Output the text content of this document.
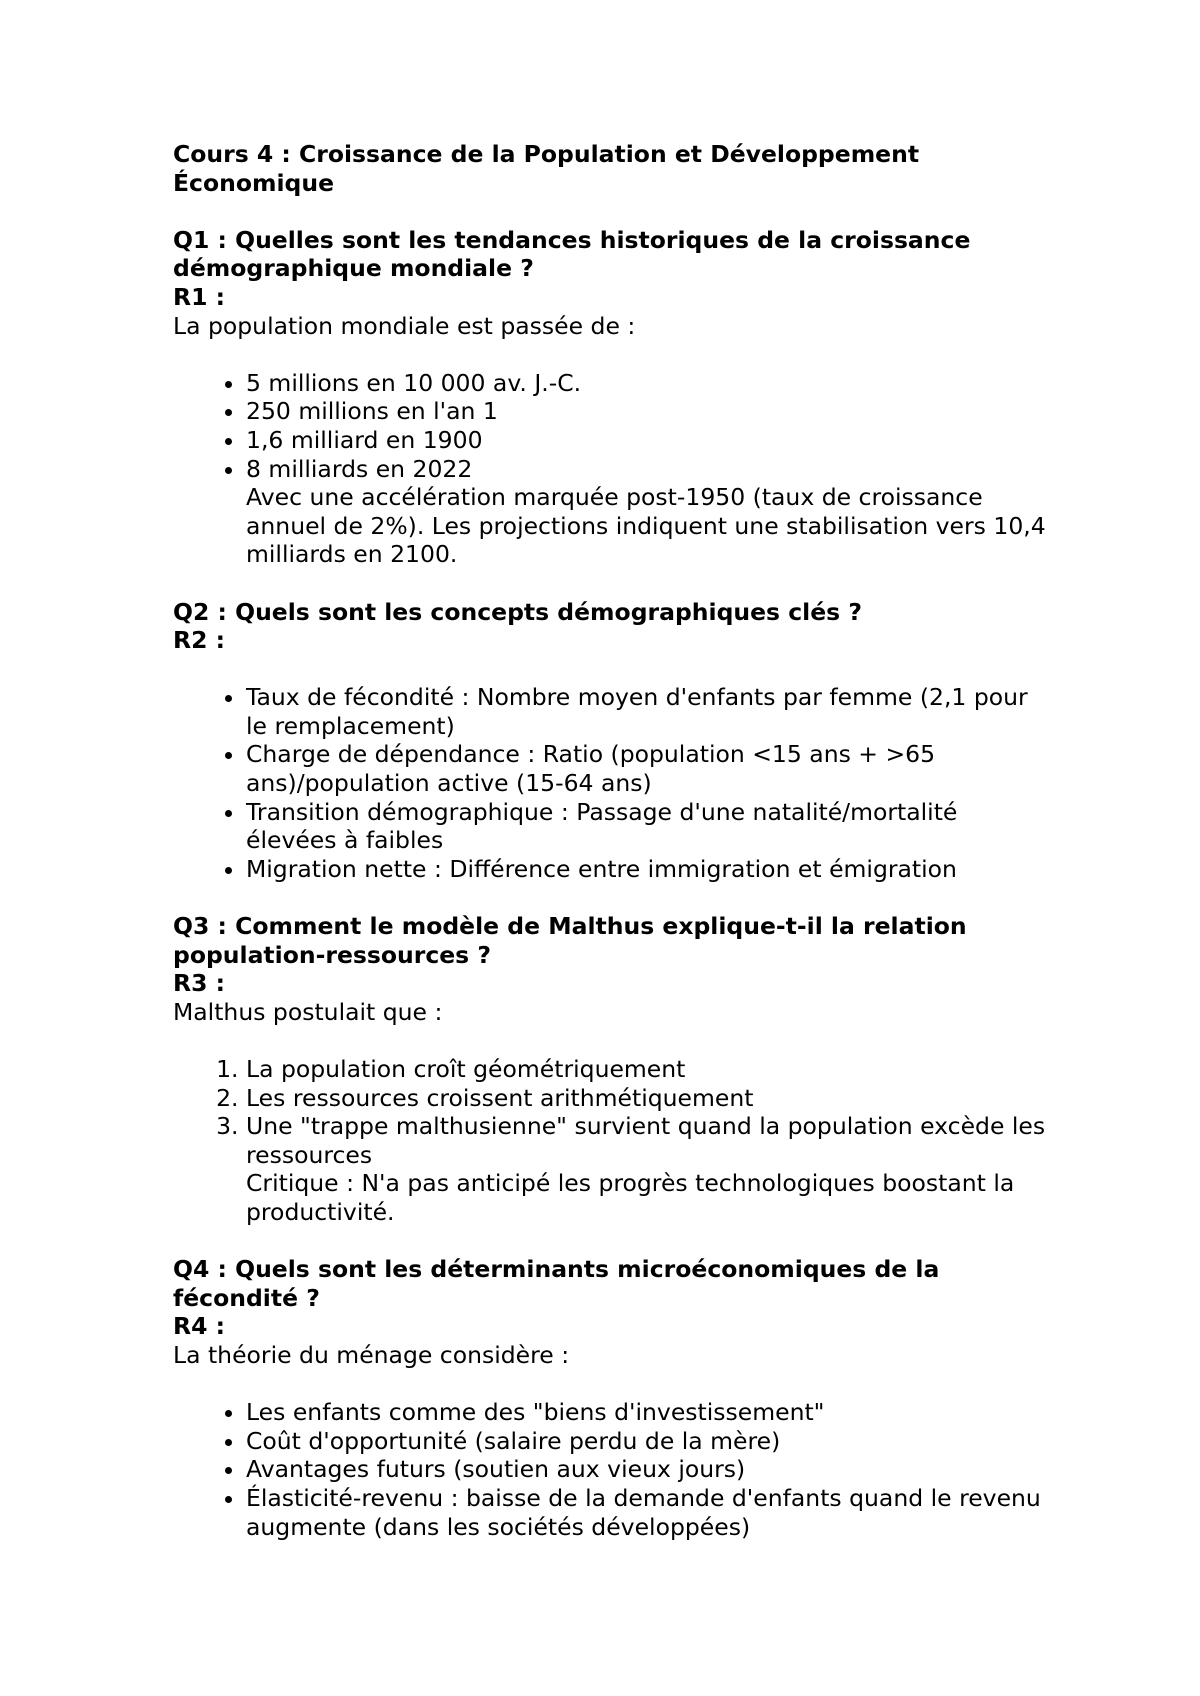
Cours 4 : Croissance de la Population et Développement Économique

Q1 : Quelles sont les tendances historiques de la croissance démographique mondiale ?

R1 :

La population mondiale est passée de :

• 5 millions en 10 000 av. J.-C.
• 250 millions en l'an 1
• 1,6 milliard en 1900
• 8 milliards en 2022
Avec une accélération marquée post-1950 (taux de croissance annuel de 2%). Les projections indiquent une stabilisation vers 10,4 milliards en 2100.

Q2 : Quels sont les concepts démographiques clés ?

R2 :

• Taux de fécondité : Nombre moyen d'enfants par femme (2,1 pour le remplacement)
• Charge de dépendance : Ratio (population <15 ans + >65 ans)/population active (15-64 ans)
• Transition démographique : Passage d'une natalité/mortalité élevées à faibles
• Migration nette : Différence entre immigration et émigration

Q3 : Comment le modèle de Malthus explique-t-il la relation population-ressources ?

R3 :

Malthus postulait que :

1. La population croît géométriquement
2. Les ressources croissent arithmétiquement
3. Une "trappe malthusienne" survient quand la population excède les ressources
Critique : N'a pas anticipé les progrès technologiques boostant la productivité.

Q4 : Quels sont les déterminants microéconomiques de la fécondité ?

R4 :

La théorie du ménage considère :

• Les enfants comme des "biens d'investissement"
• Coût d'opportunité (salaire perdu de la mère)
• Avantages futurs (soutien aux vieux jours)
• Élasticité-revenu : baisse de la demande d'enfants quand le revenu augmente (dans les sociétés développées)
